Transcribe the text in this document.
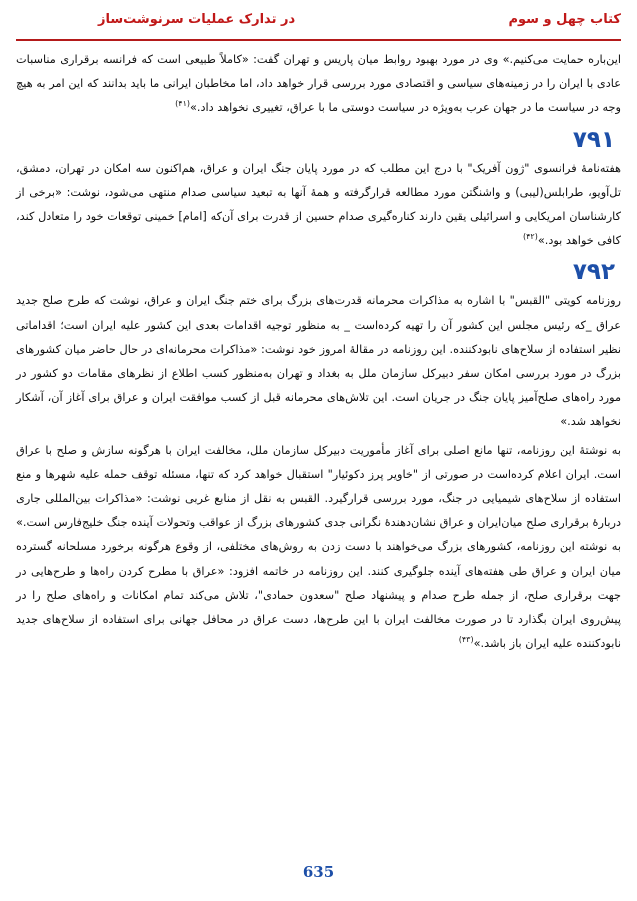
کتاب چهل و سوم
در تدارک عملیات سرنوشت‌ساز

این‌باره حمایت می‌کنیم.» وی در مورد بهبود روابط میان پاریس و تهران گفت: «کاملاً طبیعی است که فرانسه برقراری مناسبات عادی با ایران را در زمینه‌های سیاسی و اقتصادی مورد بررسی قرار خواهد داد، اما مخاطبان ایرانی ما باید بدانند که این امر به هیچ وجه در سیاست ما در جهان عرب به‌ویژه در سیاست دوستی ما با عراق، تغییری نخواهد داد.»$^{(۴۱)}$

۷۹۱

هفته‌نامهٔ فرانسوی "ژون آفریک" با درج این مطلب که در مورد پایان جنگ ایران و عراق، هم‌اکنون سه امکان در تهران، دمشق، تل‌آویو، طرابلس(لیبی) و واشنگتن مورد مطالعه قرارگرفته و همهٔ آنها به تبعید سیاسی صدام منتهی می‌شود، نوشت: «برخی از کارشناسان امریکایی و اسرائیلی یقین دارند کناره‌گیری صدام حسین از قدرت برای آن‌که [امام] خمینی توقعات خود را متعادل کند، کافی خواهد بود.»$^{(۴۲)}$

۷۹۲

روزنامه کویتی "القبس" با اشاره به مذاکرات محرمانه قدرت‌های بزرگ برای ختم جنگ ایران و عراق، نوشت که طرح صلح جدید عراق _که رئیس مجلس این کشور آن را تهیه کرده‌است _ به منظور توجیه اقدامات بعدی این کشور علیه ایران است؛ اقداماتی نظیر استفاده از سلاح‌های نابودکننده. این روزنامه در مقالهٔ امروز خود نوشت: «مذاکرات محرمانه‌ای در حال حاضر میان کشورهای بزرگ در مورد بررسی امکان سفر دبیرکل سازمان ملل به بغداد و تهران به‌منظور کسب اطلاع از نظرهای مقامات دو کشور در مورد راه‌های صلح‌آمیز پایان جنگ در جریان است. این تلاش‌های محرمانه قبل از کسب موافقت ایران و عراق برای آغاز آن، آشکار نخواهد شد.»

به نوشتهٔ این روزنامه، تنها مانع اصلی برای آغاز مأموریت دبیرکل سازمان ملل، مخالفت ایران با هرگونه سازش و صلح با عراق است. ایران اعلام کرده‌است در صورتی از "خاویر پرز دکوئیار" استقبال خواهد کرد که تنها، مسئله توقف حمله علیه شهرها و منع استفاده از سلاح‌های شیمیایی در جنگ، مورد بررسی قرارگیرد. القبس به نقل از منابع غربی نوشت: «مذاکرات بین‌المللی جاری دربارهٔ برقراری صلح میان‌ایران و عراق نشان‌دهندهٔ نگرانی جدی کشورهای بزرگ از عواقب وتحولات آینده جنگ خلیج‌فارس است.» به نوشته این روزنامه، کشورهای بزرگ می‌خواهند با دست زدن به روش‌های مختلفی، از وقوع هرگونه برخورد مسلحانه گسترده میان ایران و عراق طی هفته‌های آینده جلوگیری کنند. این روزنامه در خاتمه افزود: «عراق با مطرح کردن راه‌ها و طرح‌هایی در جهت برقراری صلح، از جمله طرح صدام و پیشنهاد صلح "سعدون حمادی"، تلاش می‌کند تمام امکانات و راه‌های صلح را در پیش‌روی ایران بگذارد تا در صورت مخالفت ایران با این طرح‌ها، دست عراق در محافل جهانی برای استفاده از سلاح‌های جدید نابودکننده علیه ایران باز باشد.»$^{(۴۳)}$

635
